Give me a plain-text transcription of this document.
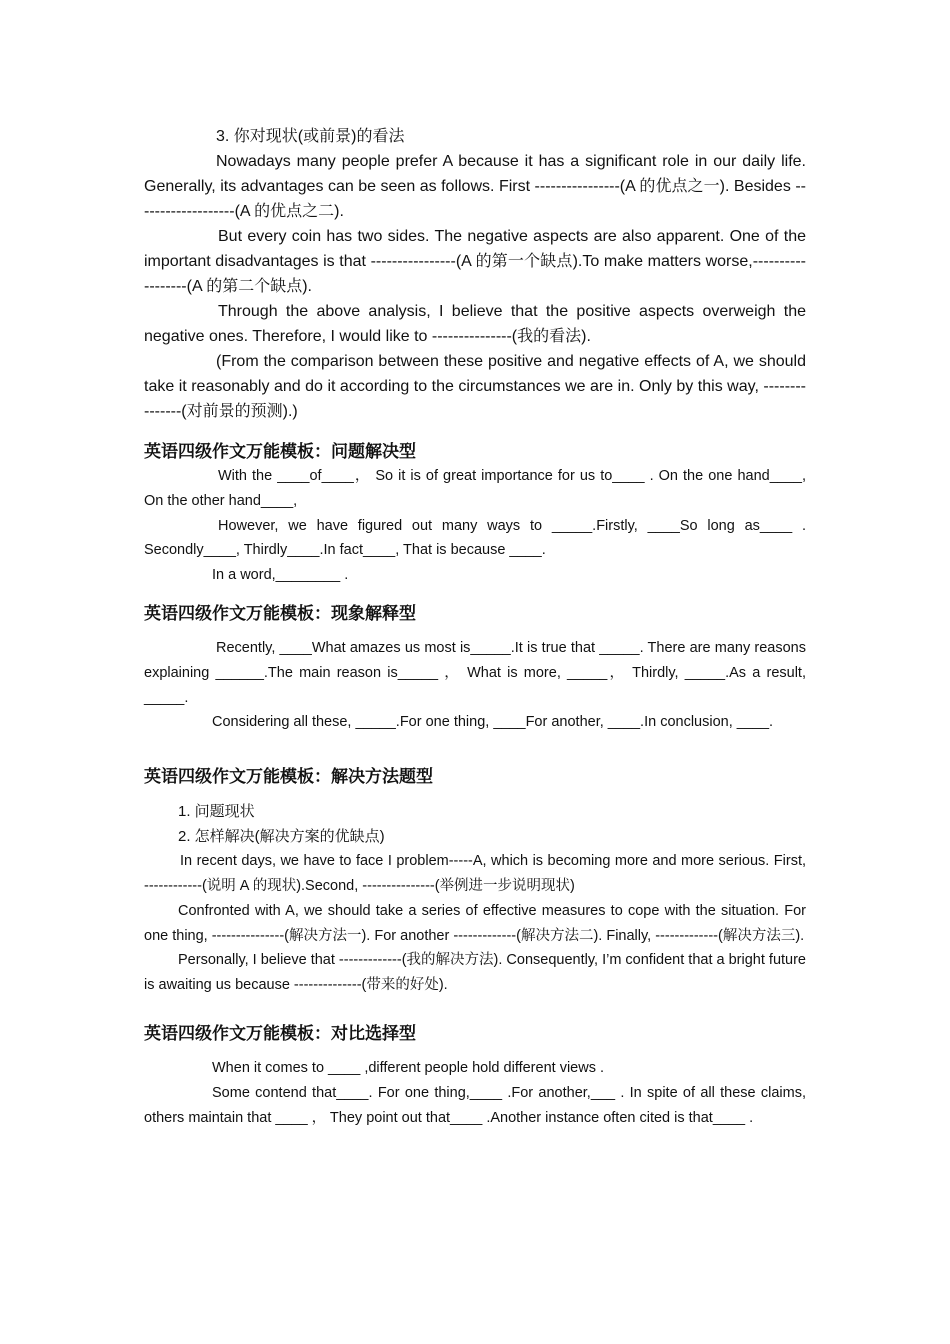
3. 你对现状(或前景)的看法

Nowadays many people prefer A because it has a significant role in our daily life. Generally, its advantages can be seen as follows. First ----------------(A 的优点之一). Besides -------------------(A 的优点之二).

But every coin has two sides. The negative aspects are also apparent. One of the important disadvantages is that ----------------(A 的第一个缺点).To make matters worse,------------------(A 的第二个缺点).

Through the above analysis, I believe that the positive aspects overweigh the negative ones. Therefore, I would like to ---------------(我的看法).

(From the comparison between these positive and negative effects of A, we should take it reasonably and do it according to the circumstances we are in. Only by this way, ---------------(对前景的预测).)

英语四级作文万能模板：问题解决型

With the ____of____， So it is of great importance for us to____ . On the one hand____, On the other hand____,

However, we have figured out many ways to _____.Firstly, ____So long as____ . Secondly____, Thirdly____.In fact____, That is because ____.

In a word,________ .

英语四级作文万能模板：现象解释型

Recently, ____What amazes us most is_____.It is true that _____. There are many reasons explaining ______.The main reason is_____ ， What is more, _____， Thirdly, _____.As a result, _____.

Considering all these, _____.For one thing, ____For another, ____.In conclusion, ____.

英语四级作文万能模板：解决方法题型

1. 问题现状

2. 怎样解决(解决方案的优缺点)

In recent days, we have to face I problem-----A, which is becoming more and more serious. First, ------------(说明 A 的现状).Second, ---------------(举例进一步说明现状)

Confronted with A, we should take a series of effective measures to cope with the situation. For one thing, ---------------(解决方法一). For another -------------(解决方法二). Finally, -------------(解决方法三).

Personally, I believe that -------------(我的解决方法). Consequently, I’m confident that a bright future is awaiting us because --------------(带来的好处).

英语四级作文万能模板：对比选择型

When it comes to ____ ,different people hold different views .

Some contend that____. For one thing,____ .For another,___ . In spite of all these claims, others maintain that ____ ， They point out that____ .Another instance often cited is that____ .
